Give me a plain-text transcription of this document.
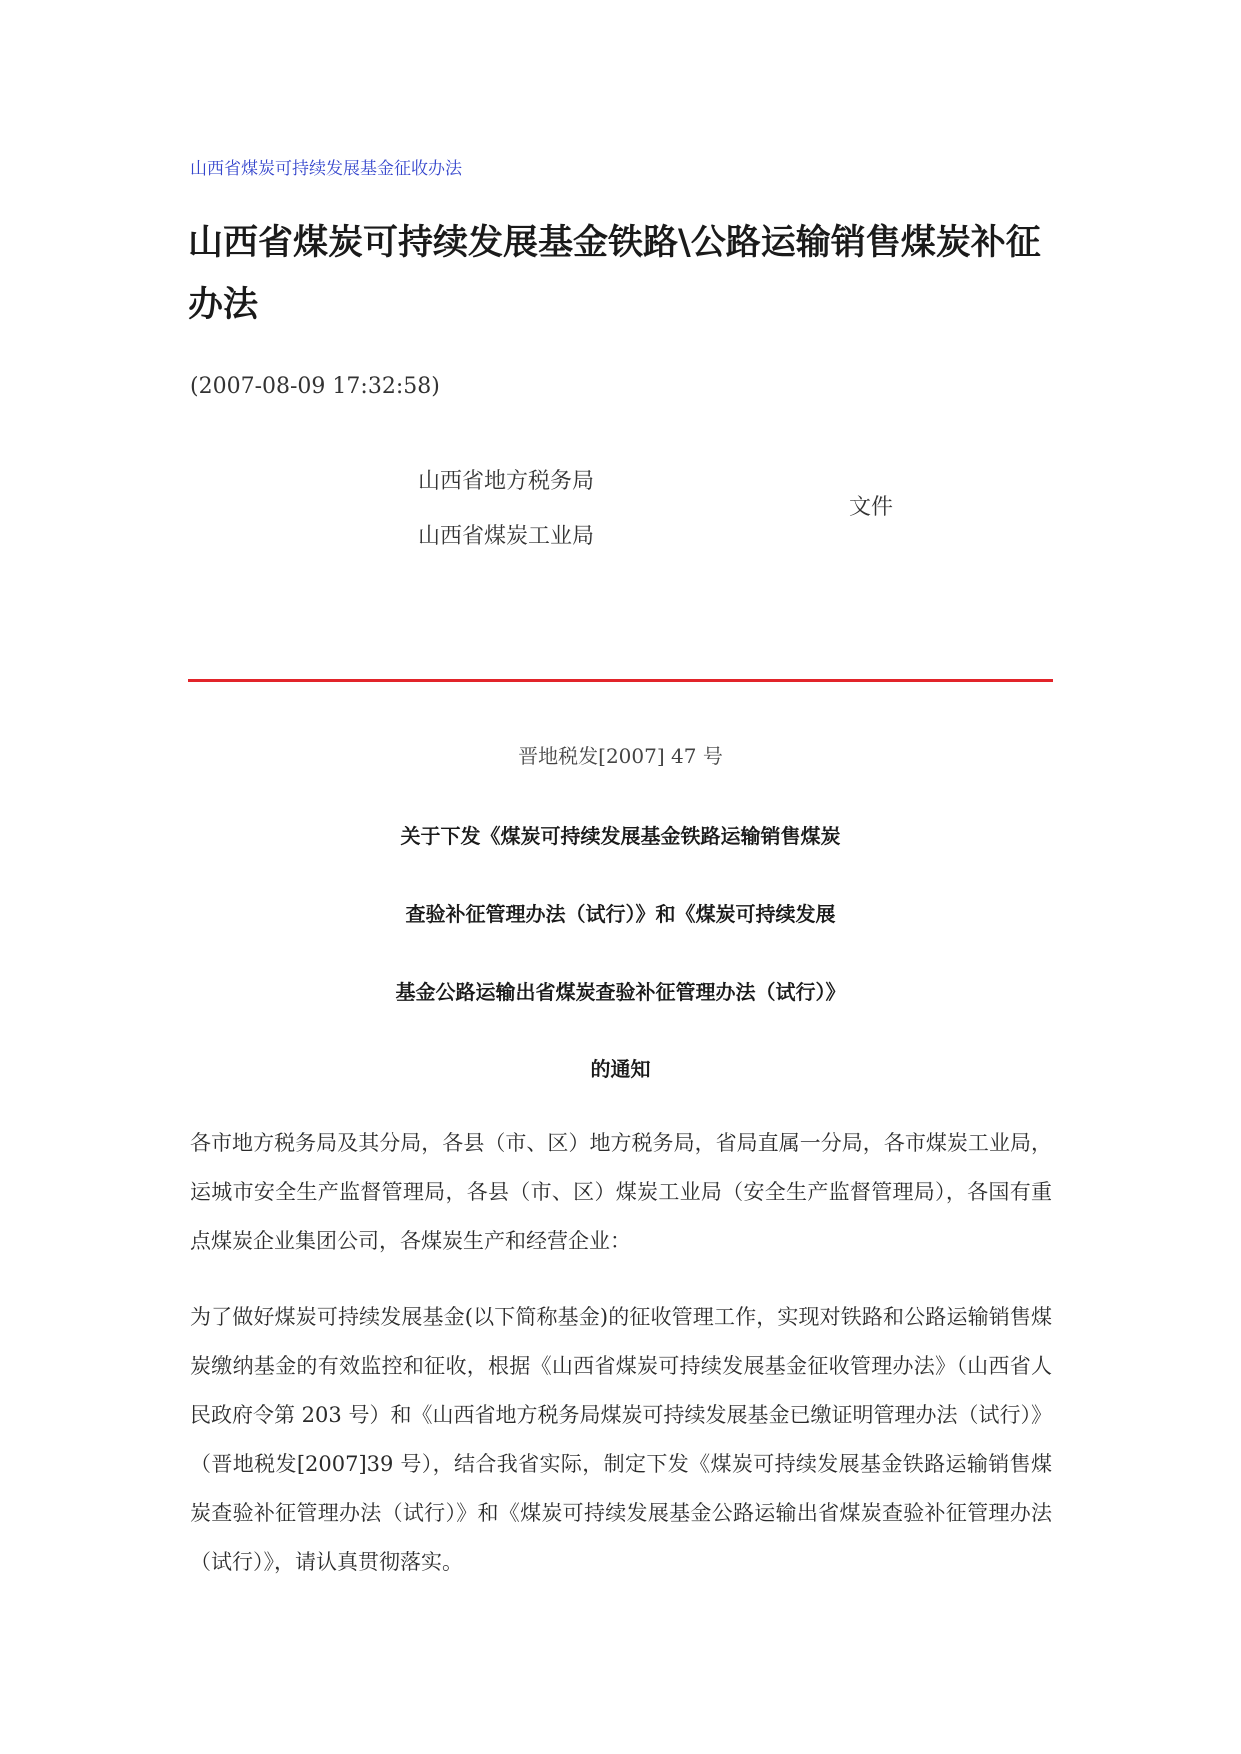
山西省煤炭可持续发展基金征收办法
山西省煤炭可持续发展基金铁路\公路运输销售煤炭补征办法
(2007-08-09 17:32:58)
山西省地方税务局
山西省煤炭工业局
文件
晋地税发[2007] 47 号
关于下发《煤炭可持续发展基金铁路运输销售煤炭
查验补征管理办法（试行）》和《煤炭可持续发展
基金公路运输出省煤炭查验补征管理办法（试行）》
的通知

各市地方税务局及其分局，各县（市、区）地方税务局，省局直属一分局，各市煤炭工业局，运城市安全生产监督管理局，各县（市、区）煤炭工业局（安全生产监督管理局），各国有重点煤炭企业集团公司，各煤炭生产和经营企业：

为了做好煤炭可持续发展基金(以下简称基金)的征收管理工作，实现对铁路和公路运输销售煤炭缴纳基金的有效监控和征收，根据《山西省煤炭可持续发展基金征收管理办法》（山西省人民政府令第 203 号）和《山西省地方税务局煤炭可持续发展基金已缴证明管理办法（试行）》（晋地税发[2007]39 号），结合我省实际，制定下发《煤炭可持续发展基金铁路运输销售煤炭查验补征管理办法（试行）》和《煤炭可持续发展基金公路运输出省煤炭查验补征管理办法（试行）》，请认真贯彻落实。
